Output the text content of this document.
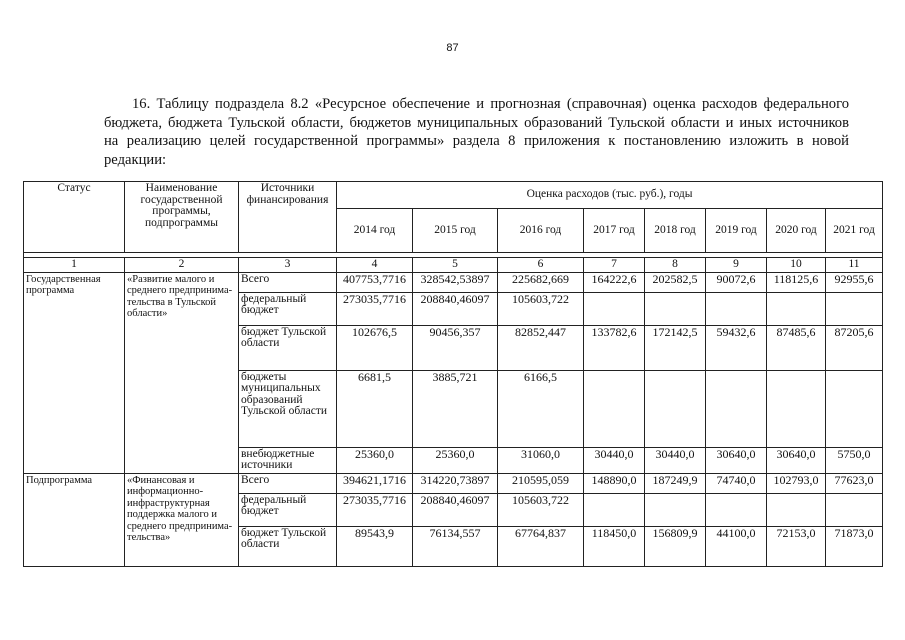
87
16. Таблицу подраздела 8.2 «Ресурсное обеспечение и прогнозная (справочная) оценка расходов федерального
бюджета, бюджета Тульской области, бюджетов муниципальных образований Тульской области и иных источников
на реализацию целей государственной программы» раздела 8 приложения к постановлению изложить в новой
редакции:
Статус	Наименование государственной программы, подпрограммы	Источники финансирования	Оценка расходов (тыс. руб.), годы							
			2014 год	2015 год	2016 год	2017 год	2018 год	2019 год	2020 год	2021 год

1	2	3	4	5	6	7	8	9	10	11
Государственная программа	«Развитие малого и среднего предпринима-тельства в Тульской области»	Всего	407753,7716	328542,53897	225682,669	164222,6	202582,5	90072,6	118125,6	92955,6
		федеральный бюджет	273035,7716	208840,46097	105603,722					
		бюджет Тульской области	102676,5	90456,357	82852,447	133782,6	172142,5	59432,6	87485,6	87205,6
		бюджеты муниципальных образований Тульской области	6681,5	3885,721	6166,5					
		внебюджетные источники	25360,0	25360,0	31060,0	30440,0	30440,0	30640,0	30640,0	5750,0
Подпрограмма	«Финансовая и информационно-инфраструктурная поддержка малого и среднего предпринима-тельства»	Всего	394621,1716	314220,73897	210595,059	148890,0	187249,9	74740,0	102793,0	77623,0
		федеральный бюджет	273035,7716	208840,46097	105603,722					
		бюджет Тульской области	89543,9	76134,557	67764,837	118450,0	156809,9	44100,0	72153,0	71873,0
